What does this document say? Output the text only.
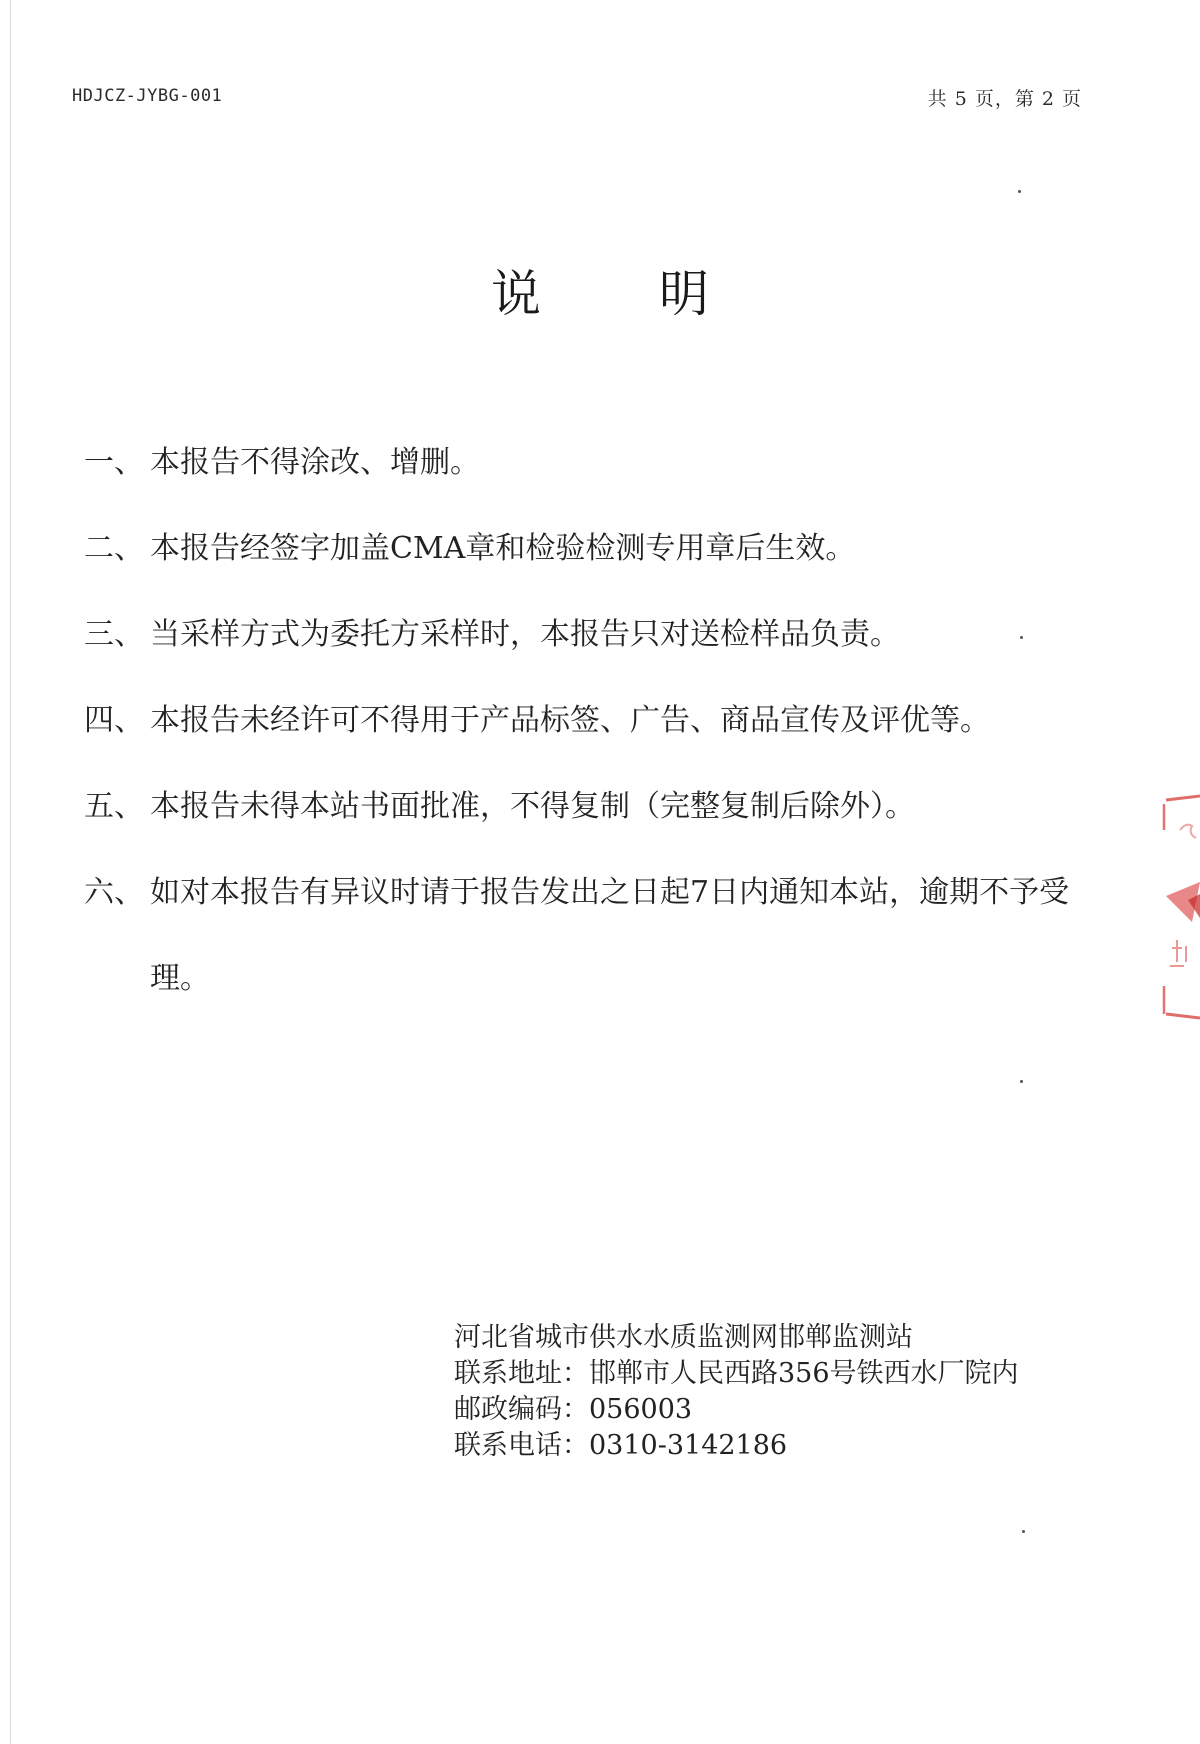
HDJCZ-JYBG-001	共 5 页，第 2 页
说明
一、 本报告不得涂改、增删。
二、 本报告经签字加盖CMA章和检验检测专用章后生效。
三、 当采样方式为委托方采样时，本报告只对送检样品负责。
四、 本报告未经许可不得用于产品标签、广告、商品宣传及评优等。
五、 本报告未得本站书面批准，不得复制（完整复制后除外）。
六、 如对本报告有异议时请于报告发出之日起7日内通知本站，逾期不予受理。
河北省城市供水水质监测网邯郸监测站
联系地址：邯郸市人民西路356号铁西水厂院内
邮政编码：056003
联系电话：0310-3142186
